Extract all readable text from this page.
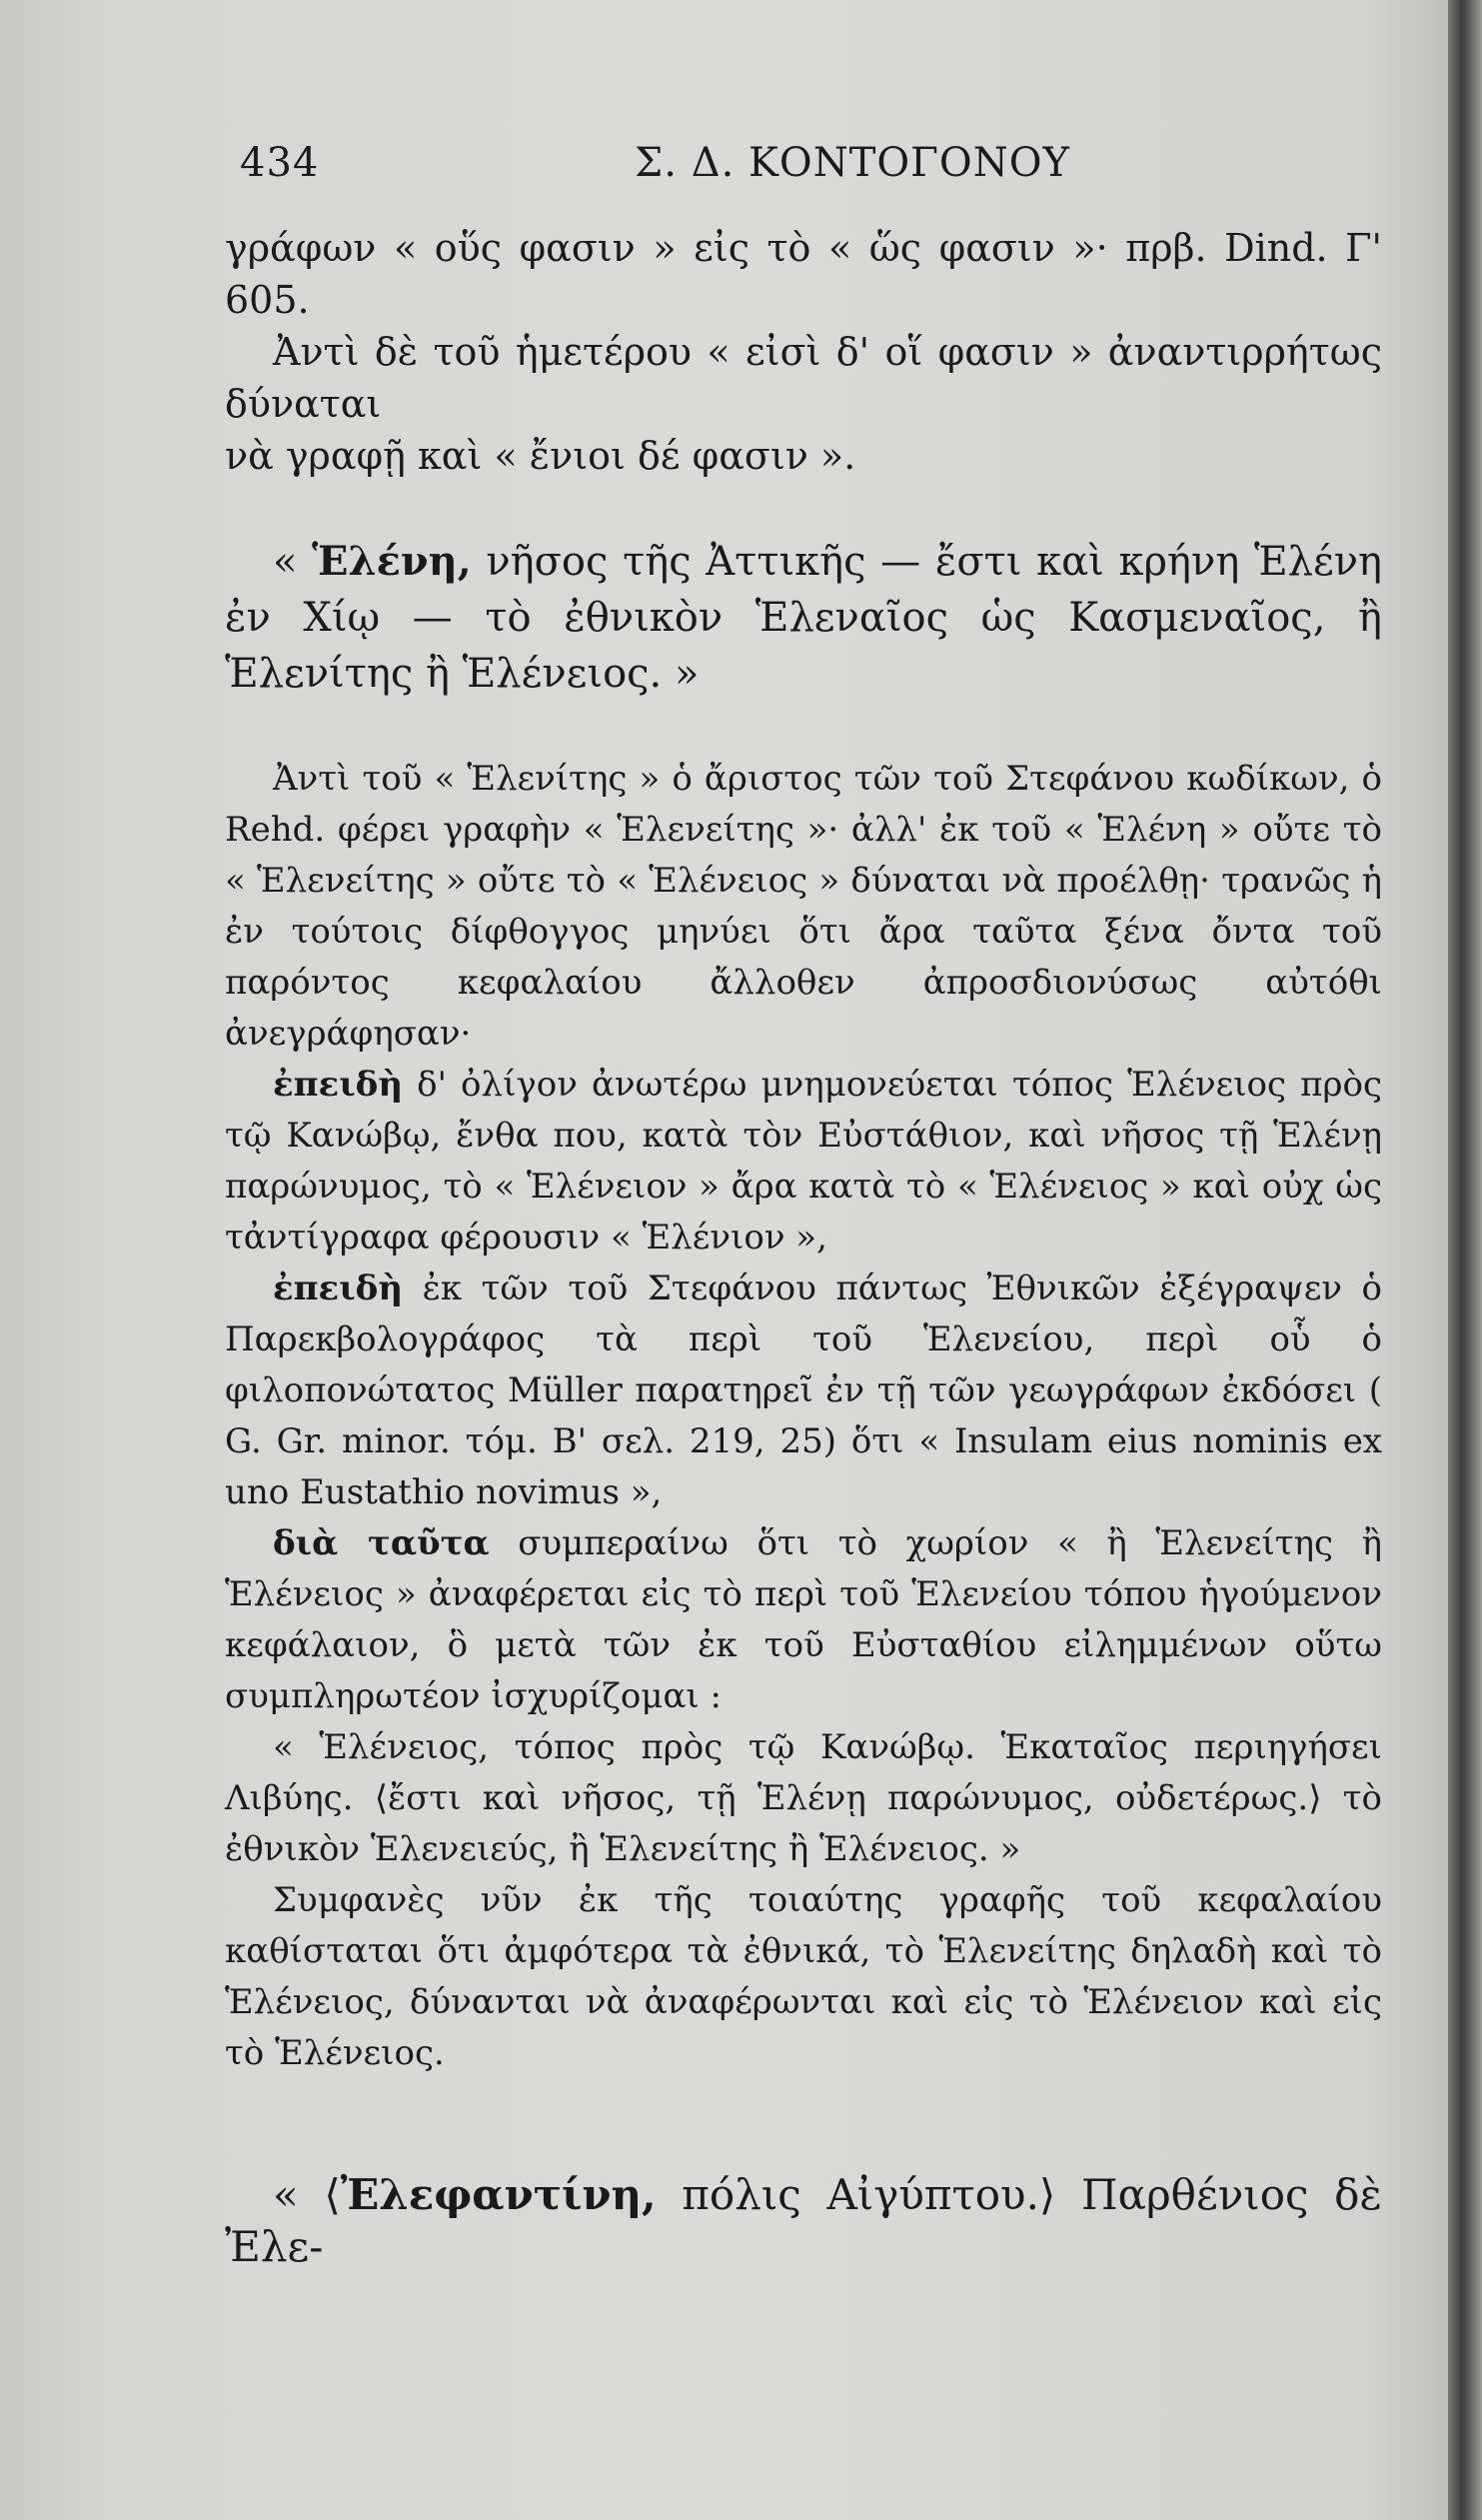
434	Σ. Δ. ΚΟΝΤΟΓΟΝΟΥ

γράφων « οὕς φασιν » εἰς τὸ « ὥς φασιν »· πρβ. Dind. Γ' 605.
Ἀντὶ δὲ τοῦ ἡμετέρου « εἰσὶ δ' οἵ φασιν » ἀναντιρρήτως δύναται
νὰ γραφῇ καὶ « ἔνιοι δέ φασιν ».

« Ἑλένη, νῆσος τῆς Ἀττικῆς — ἔστι καὶ κρήνη Ἑλένη ἐν Χίῳ — τὸ ἐθνικὸν Ἑλεναῖος ὡς Κασμεναῖος, ἢ Ἑλενίτης ἢ Ἑλένειος. »

Ἀντὶ τοῦ « Ἑλενίτης » ὁ ἄριστος τῶν τοῦ Στεφάνου κωδίκων, ὁ Rehd. φέρει γραφὴν « Ἑλενείτης »· ἀλλ' ἐκ τοῦ « Ἑλένη » οὔτε τὸ « Ἑλενείτης » οὔτε τὸ « Ἑλένειος » δύναται νὰ προέλθῃ· τρανῶς ἡ ἐν τούτοις δίφθογγος μηνύει ὅτι ἄρα ταῦτα ξένα ὄντα τοῦ παρόντος κεφαλαίου ἄλλοθεν ἀπροσδιονύσως αὐτόθι ἀνεγράφησαν·

ἐπειδὴ δ' ὀλίγον ἀνωτέρω μνημονεύεται τόπος Ἑλένειος πρὸς τῷ Κανώβῳ, ἔνθα που, κατὰ τὸν Εὐστάθιον, καὶ νῆσος τῇ Ἑλένῃ παρώνυμος, τὸ « Ἑλένειον » ἄρα κατὰ τὸ « Ἑλένειος » καὶ οὐχ ὡς τἀντίγραφα φέρουσιν « Ἑλένιον »,

ἐπειδὴ ἐκ τῶν τοῦ Στεφάνου πάντως Ἐθνικῶν ἐξέγραψεν ὁ Παρεκβολογράφος τὰ περὶ τοῦ Ἑλενείου, περὶ οὗ ὁ φιλοπονώτατος Müller παρατηρεῖ ἐν τῇ τῶν γεωγράφων ἐκδόσει ( G. Gr. minor. τόμ. Β' σελ. 219, 25) ὅτι « Insulam eius nominis ex uno Eustathio novimus »,

διὰ ταῦτα συμπεραίνω ὅτι τὸ χωρίον « ἢ Ἑλενείτης ἢ Ἑλένειος » ἀναφέρεται εἰς τὸ περὶ τοῦ Ἑλενείου τόπου ἡγούμενον κεφάλαιον, ὃ μετὰ τῶν ἐκ τοῦ Εὐσταθίου εἰλημμένων οὕτω συμπληρωτέον ἰσχυρίζομαι :

« Ἑλένειος, τόπος πρὸς τῷ Κανώβῳ. Ἑκαταῖος περιηγήσει Λιβύης. ⟨ἔστι καὶ νῆσος, τῇ Ἑλένῃ παρώνυμος, οὐδετέρως.⟩ τὸ ἐθνικὸν Ἑλενειεύς, ἢ Ἑλενείτης ἢ Ἑλένειος. »

Συμφανὲς νῦν ἐκ τῆς τοιαύτης γραφῆς τοῦ κεφαλαίου καθίσταται ὅτι ἀμφότερα τὰ ἐθνικά, τὸ Ἑλενείτης δηλαδὴ καὶ τὸ Ἑλένειος, δύνανται νὰ ἀναφέρωνται καὶ εἰς τὸ Ἑλένειον καὶ εἰς τὸ Ἑλένειος.

« ⟨Ἐλεφαντίνη, πόλις Αἰγύπτου.⟩ Παρθένιος δὲ Ἐλε-
